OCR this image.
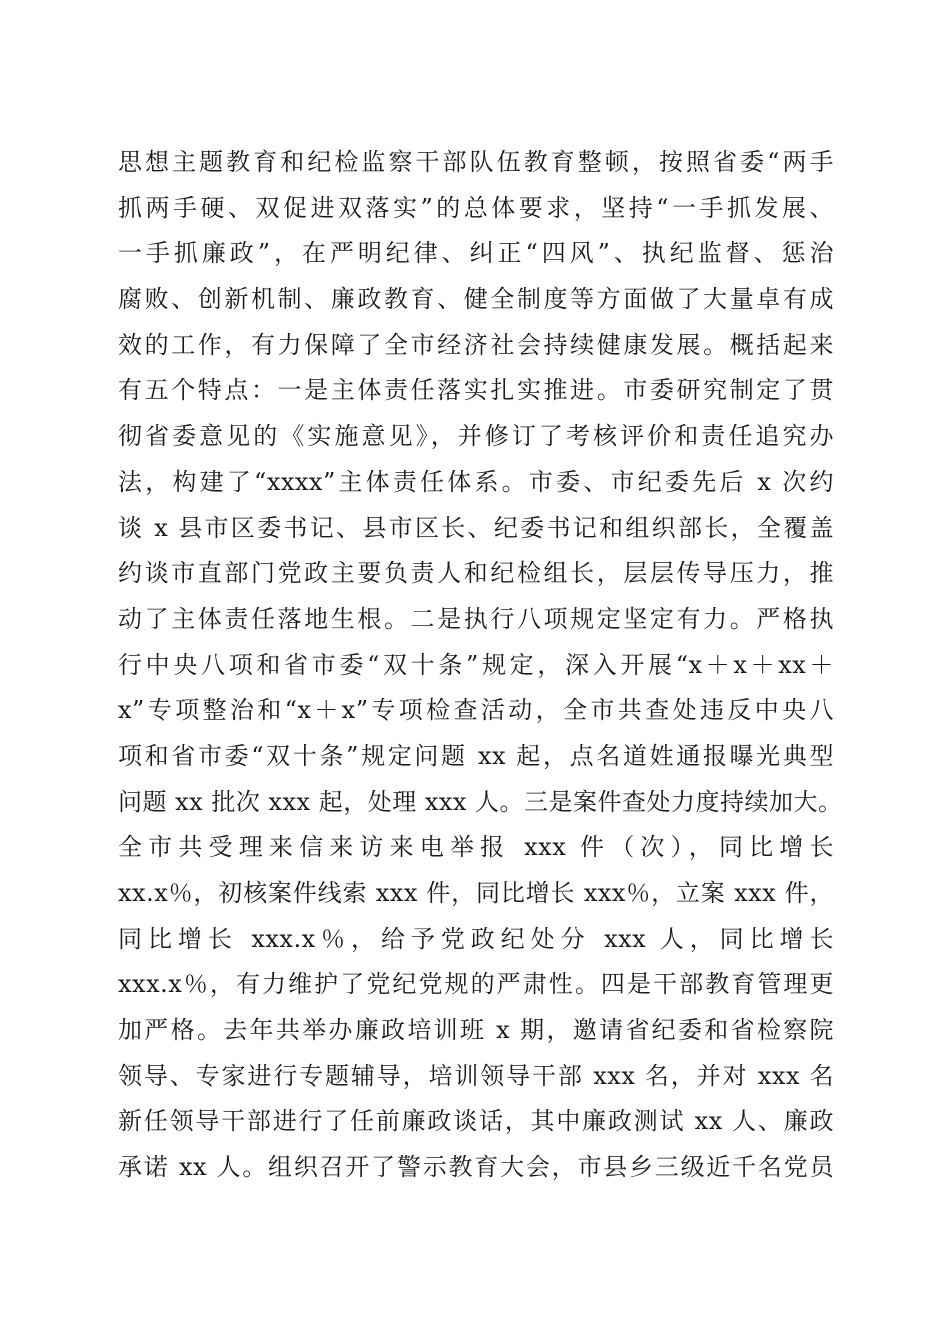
思想主题教育和纪检监察干部队伍教育整顿，按照省委“两手
抓两手硬、双促进双落实”的总体要求，坚持“一手抓发展、
一手抓廉政”，在严明纪律、纠正“四风”、执纪监督、惩治
腐败、创新机制、廉政教育、健全制度等方面做了大量卓有成
效的工作，有力保障了全市经济社会持续健康发展。概括起来
有五个特点：一是主体责任落实扎实推进。市委研究制定了贯
彻省委意见的《实施意见》，并修订了考核评价和责任追究办
法，构建了“xxxx”主体责任体系。市委、市纪委先后 x 次约
谈 x 县市区委书记、县市区长、纪委书记和组织部长，全覆盖
约谈市直部门党政主要负责人和纪检组长，层层传导压力，推
动了主体责任落地生根。二是执行八项规定坚定有力。严格执
行中央八项和省市委“双十条”规定，深入开展“x＋x＋xx＋
x”专项整治和“x＋x”专项检查活动，全市共查处违反中央八
项和省市委“双十条”规定问题 xx 起，点名道姓通报曝光典型
问题 xx 批次 xxx 起，处理 xxx 人。三是案件查处力度持续加大。
全市共受理来信来访来电举报 xxx 件（次），同比增长
xx.x％，初核案件线索 xxx 件，同比增长 xxx％，立案 xxx 件，
同比增长 xxx.x％，给予党政纪处分 xxx 人，同比增长
xxx.x％，有力维护了党纪党规的严肃性。四是干部教育管理更
加严格。去年共举办廉政培训班 x 期，邀请省纪委和省检察院
领导、专家进行专题辅导，培训领导干部 xxx 名，并对 xxx 名
新任领导干部进行了任前廉政谈话，其中廉政测试 xx 人、廉政
承诺 xx 人。组织召开了警示教育大会，市县乡三级近千名党员
